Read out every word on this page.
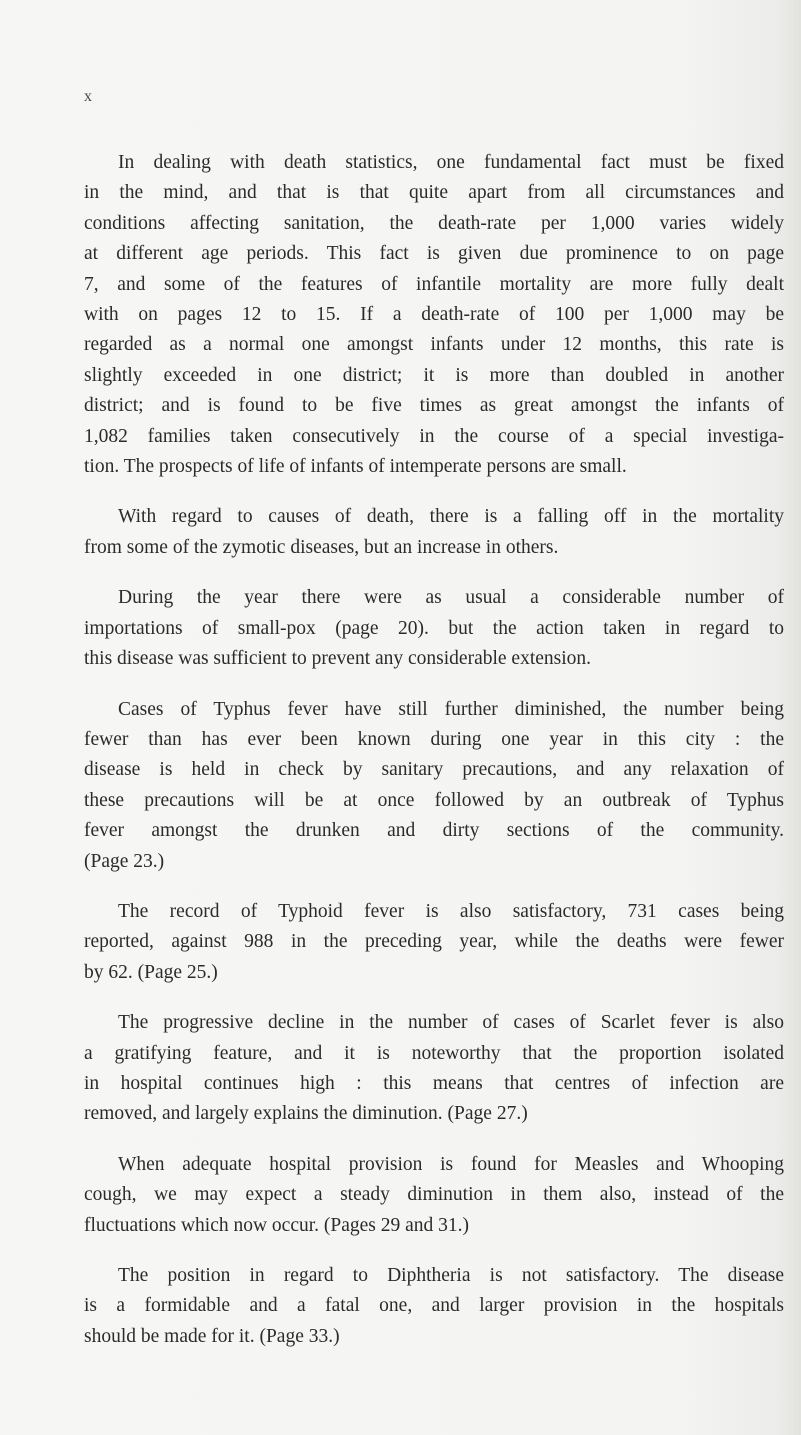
x
In dealing with death statistics, one fundamental fact must be fixed
in the mind, and that is that quite apart from all circumstances and
conditions affecting sanitation, the death-rate per 1,000 varies widely
at different age periods. This fact is given due prominence to on page
7, and some of the features of infantile mortality are more fully dealt
with on pages 12 to 15. If a death-rate of 100 per 1,000 may be
regarded as a normal one amongst infants under 12 months, this rate is
slightly exceeded in one district; it is more than doubled in another
district; and is found to be five times as great amongst the infants of
1,082 families taken consecutively in the course of a special investiga-
tion. The prospects of life of infants of intemperate persons are small.
With regard to causes of death, there is a falling off in the mortality
from some of the zymotic diseases, but an increase in others.
During the year there were as usual a considerable number of
importations of small-pox (page 20). but the action taken in regard to
this disease was sufficient to prevent any considerable extension.
Cases of Typhus fever have still further diminished, the number being
fewer than has ever been known during one year in this city : the
disease is held in check by sanitary precautions, and any relaxation of
these precautions will be at once followed by an outbreak of Typhus
fever amongst the drunken and dirty sections of the community.
(Page 23.)
The record of Typhoid fever is also satisfactory, 731 cases being
reported, against 988 in the preceding year, while the deaths were fewer
by 62. (Page 25.)
The progressive decline in the number of cases of Scarlet fever is also
a gratifying feature, and it is noteworthy that the proportion isolated
in hospital continues high : this means that centres of infection are
removed, and largely explains the diminution. (Page 27.)
When adequate hospital provision is found for Measles and Whooping
cough, we may expect a steady diminution in them also, instead of the
fluctuations which now occur. (Pages 29 and 31.)
The position in regard to Diphtheria is not satisfactory. The disease
is a formidable and a fatal one, and larger provision in the hospitals
should be made for it. (Page 33.)
